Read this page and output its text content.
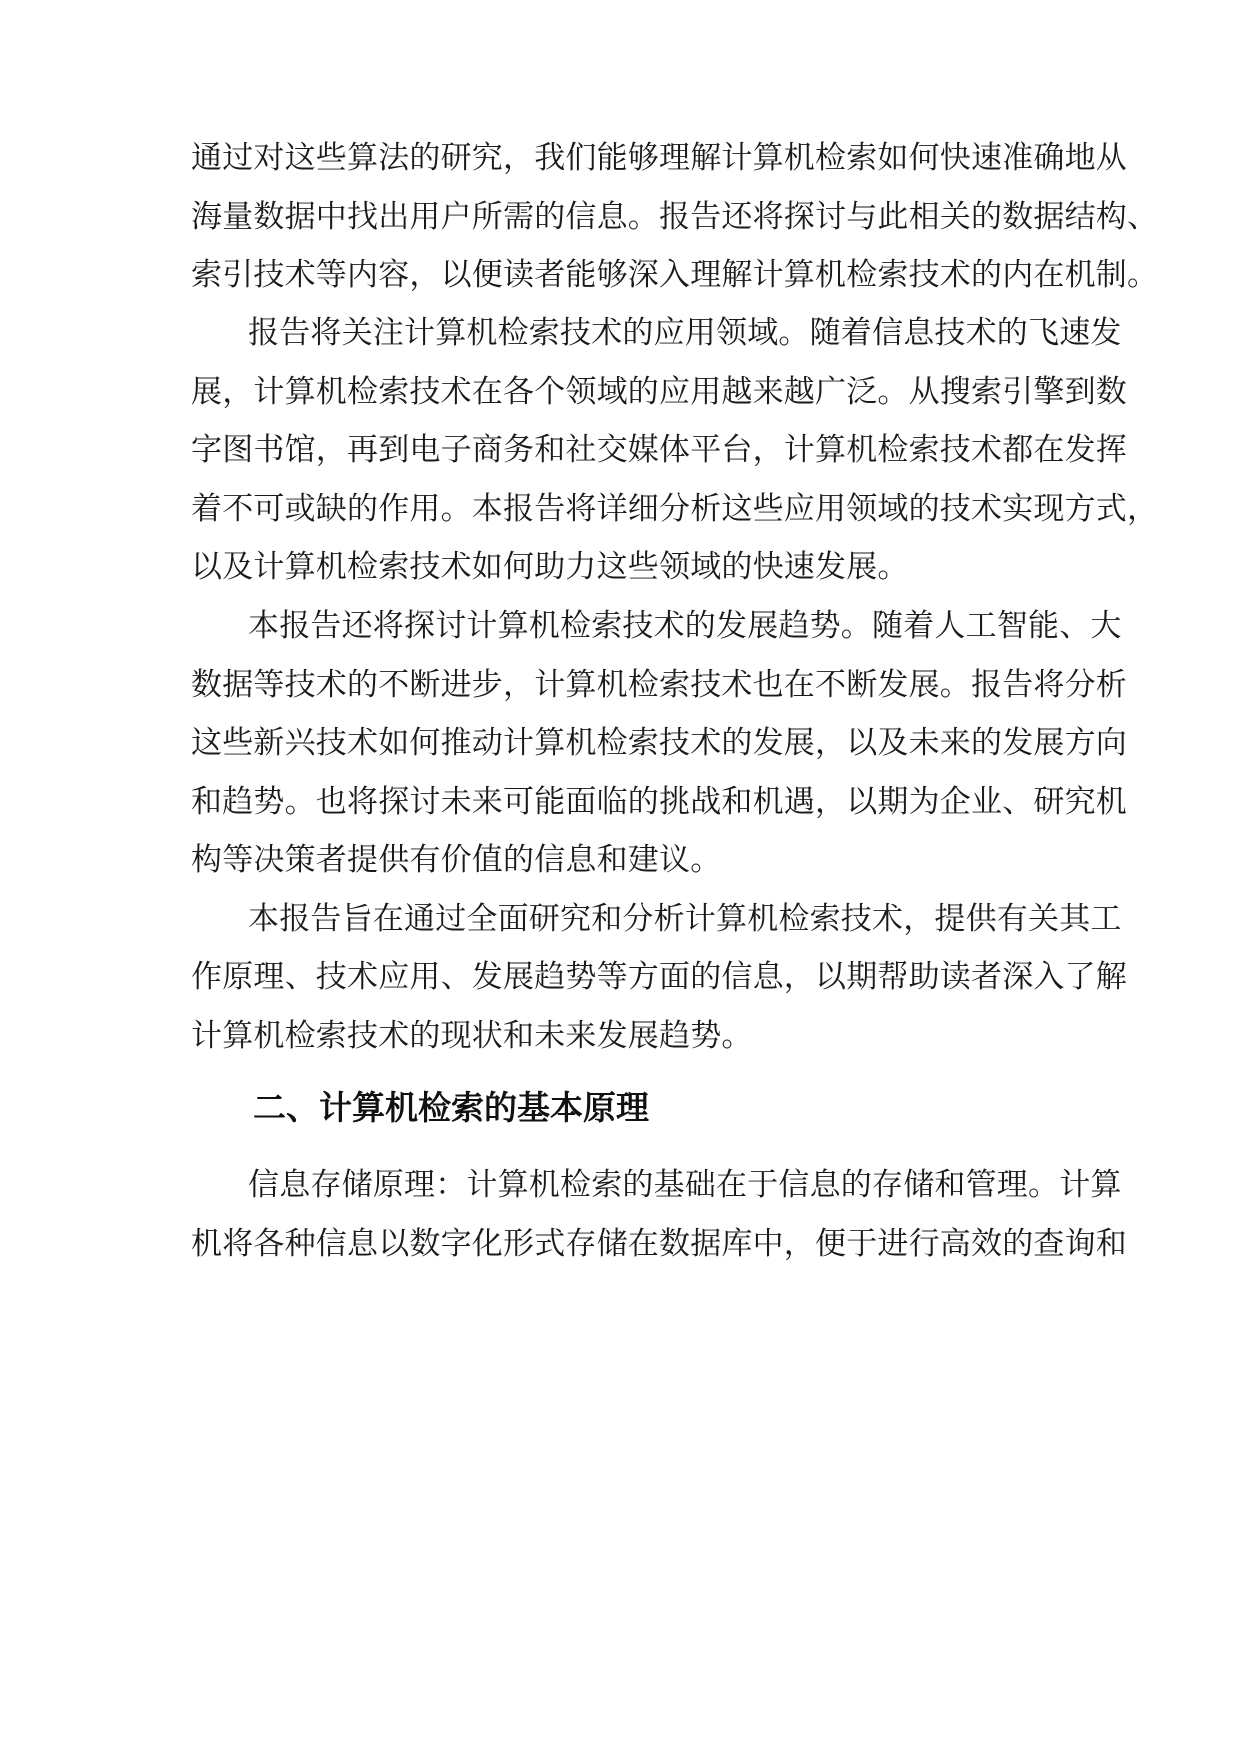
通过对这些算法的研究，我们能够理解计算机检索如何快速准确地从
海量数据中找出用户所需的信息。报告还将探讨与此相关的数据结构、
索引技术等内容，以便读者能够深入理解计算机检索技术的内在机制。
报告将关注计算机检索技术的应用领域。随着信息技术的飞速发
展，计算机检索技术在各个领域的应用越来越广泛。从搜索引擎到数
字图书馆，再到电子商务和社交媒体平台，计算机检索技术都在发挥
着不可或缺的作用。本报告将详细分析这些应用领域的技术实现方式，
以及计算机检索技术如何助力这些领域的快速发展。
本报告还将探讨计算机检索技术的发展趋势。随着人工智能、大
数据等技术的不断进步，计算机检索技术也在不断发展。报告将分析
这些新兴技术如何推动计算机检索技术的发展，以及未来的发展方向
和趋势。也将探讨未来可能面临的挑战和机遇，以期为企业、研究机
构等决策者提供有价值的信息和建议。
本报告旨在通过全面研究和分析计算机检索技术，提供有关其工
作原理、技术应用、发展趋势等方面的信息，以期帮助读者深入了解
计算机检索技术的现状和未来发展趋势。
二、计算机检索的基本原理
信息存储原理：计算机检索的基础在于信息的存储和管理。计算
机将各种信息以数字化形式存储在数据库中，便于进行高效的查询和
